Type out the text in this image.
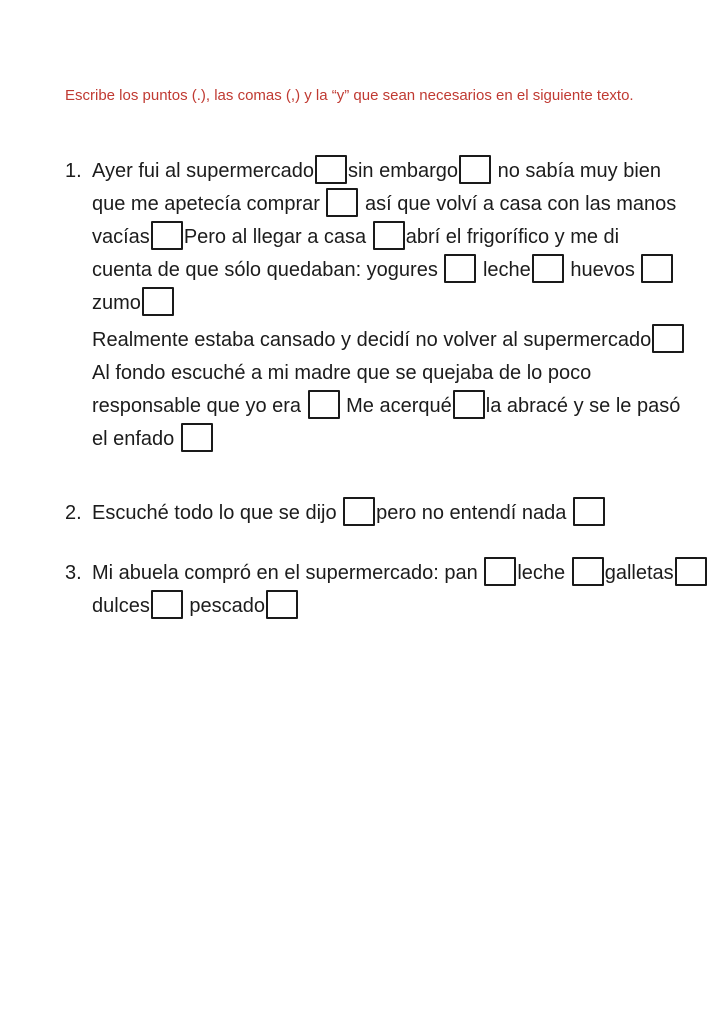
Escribe los puntos (.), las comas (,) y la “y” que sean necesarios en el siguiente texto.
1. Ayer fui al supermercado sin embargo no sabía muy bien
que me apetecía comprar  así que volví a casa con las manos
vacías Pero al llegar a casa abrí el frigorífico y me di
cuenta de que sólo quedaban: yogures  leche huevos
zumo
Realmente estaba cansado y decidí no volver al supermercado
Al fondo escuché a mi madre que se quejaba de lo poco
responsable que yo era  Me acerqué la abracé y se le pasó
el enfado
2. Escuché todo lo que se dijo pero no entendí nada
3. Mi abuela compró en el supermercado: pan leche galletas
dulces pescado
